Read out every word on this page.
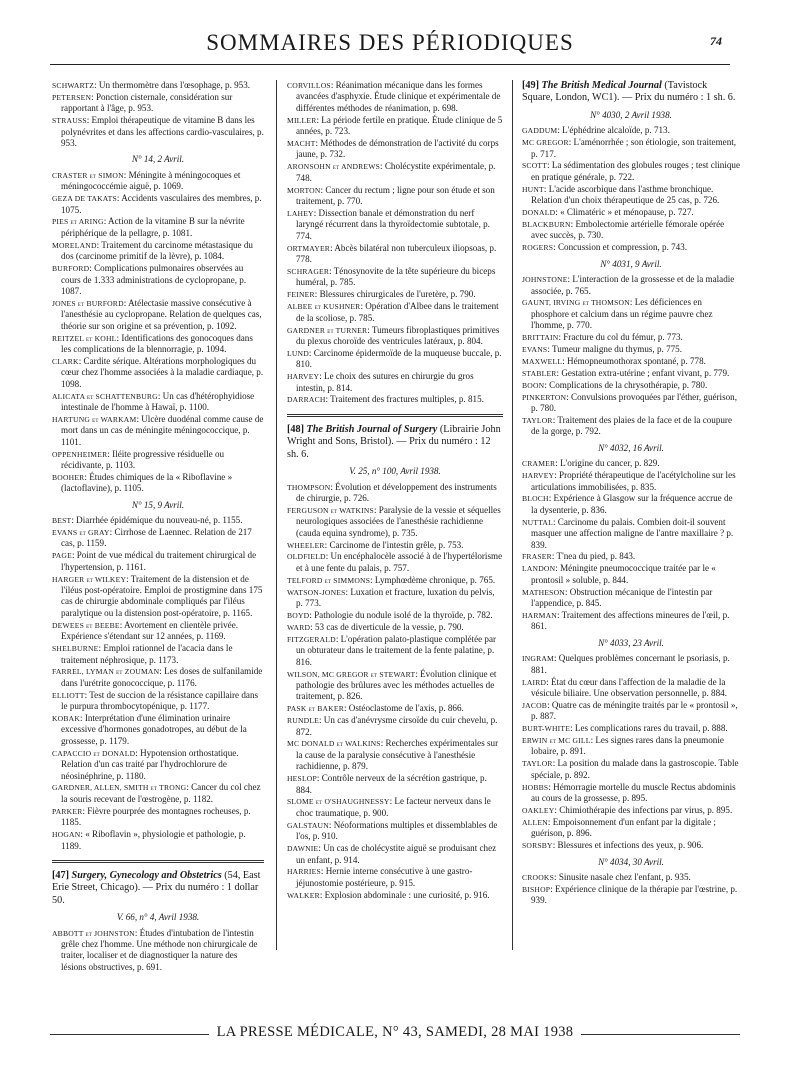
SOMMAIRES DES PÉRIODIQUES	74
SCHWARTZ: Un thermomètre dans l'œsophage, p. 953.
PETERSEN: Ponction cisternale, considération sur rapportant à l'âge, p. 953.
STRAUSS: Emploi thérapeutique de vitamine B dans les polynévrites et dans les affections cardio-vasculaires, p. 953.
N° 14, 2 Avril.
CRASTER et SIMON: Méningite à méningocoques et méningococcémie aiguë, p. 1069.
GEZA DE TAKATS: Accidents vasculaires des membres, p. 1075.
PIES et ARING: Action de la vitamine B sur la névrite périphérique de la pellagre, p. 1081.
MORELAND: Traitement du carcinome métastasique du dos (carcinome primitif de la lèvre), p. 1084.
BURFORD: Complications pulmonaires observées au cours de 1.333 administrations de cyclopropane, p. 1087.
JONES et BURFORD: Atélectasie massive consécutive à l'anesthésie au cyclopropane. Relation de quelques cas, théorie sur son origine et sa prévention, p. 1092.
REITZEL et KOHL: Identifications des gonocoques dans les complications de la blennorragie, p. 1094.
CLARK: Cardite sérique. Altérations morphologiques du cœur chez l'homme associées à la maladie cardiaque, p. 1098.
ALICATA et SCHATTENBURG: Un cas d'hétérophyidiose intestinale de l'homme à Hawaï, p. 1100.
HARTUNG et WARKAM: Ulcère duodénal comme cause de mort dans un cas de méningite méningococcique, p. 1101.
OPPENHEIMER: Iléite progressive résiduelle ou récidivante, p. 1103.
BOOHER: Études chimiques de la « Riboflavine » (lactoflavine), p. 1105.
N° 15, 9 Avril.
BEST: Diarrhée épidémique du nouveau-né, p. 1155.
EVANS et GRAY: Cirrhose de Laennec. Relation de 217 cas, p. 1159.
PAGE: Point de vue médical du traitement chirurgical de l'hypertension, p. 1161.
HARGER et WILKEY: Traitement de la distension et de l'iléus post-opératoire. Emploi de prostigmine dans 175 cas de chirurgie abdominale compliqués par l'iléus paralytique ou la distension post-opératoire, p. 1165.
DEWEES et BEEBE: Avortement en clientèle privée. Expérience s'étendant sur 12 années, p. 1169.
SHELBURNE: Emploi rationnel de l'acacia dans le traitement néphrosique, p. 1173.
FARREL, LYMAN et ZOUMAN: Les doses de sulfanilamide dans l'urétrite gonococcique, p. 1176.
ELLIOTT: Test de succion de la résistance capillaire dans le purpura thrombocytopénique, p. 1177.
KOBAK: Interprétation d'une élimination urinaire excessive d'hormones gonadotropes, au début de la grossesse, p. 1179.
CAPACCIO et DONALD: Hypotension orthostatique. Relation d'un cas traité par l'hydrochlorure de néosinéphrine, p. 1180.
GARDNER, ALLEN, SMITH et TRONG: Cancer du col chez la souris recevant de l'œstrogène, p. 1182.
PARKER: Fièvre pourprée des montagnes rocheuses, p. 1185.
HOGAN: « Riboflavin », physiologie et pathologie, p. 1189.
[47] Surgery, Gynecology and Obstetrics (54, East Erie Street, Chicago). — Prix du numéro : 1 dollar 50.
V. 66, n° 4, Avril 1938.
ABBOTT et JOHNSTON: Études d'intubation de l'intestin grêle chez l'homme. Une méthode non chirurgicale de traiter, localiser et de diagnostiquer la nature des lésions obstructives, p. 691.
CORVILLOS: Réanimation mécanique dans les formes avancées d'asphyxie. Étude clinique et expérimentale de différentes méthodes de réanimation, p. 698.
MILLER: La période fertile en pratique. Étude clinique de 5 années, p. 723.
MACHT: Méthodes de démonstration de l'activité du corps jaune, p. 732.
ARONSOHN et ANDREWS: Cholécystite expérimentale, p. 748.
MORTON: Cancer du rectum ; ligne pour son étude et son traitement, p. 770.
LAHEY: Dissection banale et démonstration du nerf laryngé récurrent dans la thyroïdectomie subtotale, p. 774.
ORTMAYER: Abcès bilatéral non tuberculeux iliopsoas, p. 778.
SCHRAGER: Ténosynovite de la tête supérieure du biceps huméral, p. 785.
FEINER: Blessures chirurgicales de l'uretère, p. 790.
ALBEE et KUSHNER: Opération d'Albee dans le traitement de la scoliose, p. 785.
GARDNER et TURNER: Tumeurs fibroplastiques primitives du plexus choroïde des ventricules latéraux, p. 804.
LUND: Carcinome épidermoïde de la muqueuse buccale, p. 810.
HARVEY: Le choix des sutures en chirurgie du gros intestin, p. 814.
DARRACH: Traitement des fractures multiples, p. 815.
[48] The British Journal of Surgery (Librairie John Wright and Sons, Bristol). — Prix du numéro : 12 sh. 6.
V. 25, n° 100, Avril 1938.
THOMPSON: Évolution et développement des instruments de chirurgie, p. 726.
FERGUSON et WATKINS: Paralysie de la vessie et séquelles neurologiques associées de l'anesthésie rachidienne (cauda equina syndrome), p. 735.
WHEELER: Carcinome de l'intestin grêle, p. 753.
OLDFIELD: Un encéphalocèle associé à de l'hypertélorisme et à une fente du palais, p. 757.
TELFORD et SIMMONS: Lymphœdème chronique, p. 765.
WATSON-JONES: Luxation et fracture, luxation du pelvis, p. 773.
BOYD: Pathologie du nodule isolé de la thyroïde, p. 782.
WARD: 53 cas de diverticule de la vessie, p. 790.
FITZGERALD: L'opération palato-plastique complétée par un obturateur dans le traitement de la fente palatine, p. 816.
WILSON, MC GREGOR et STEWART: Évolution clinique et pathologie des brûlures avec les méthodes actuelles de traitement, p. 826.
PASK et BAKER: Ostéoclastome de l'axis, p. 866.
RUNDLE: Un cas d'anévrysme cirsoïde du cuir chevelu, p. 872.
MC DONALD et WALKINS: Recherches expérimentales sur la cause de la paralysie consécutive à l'anesthésie rachidienne, p. 879.
HESLOP: Contrôle nerveux de la sécrétion gastrique, p. 884.
SLOME et O'SHAUGHNESSY: Le facteur nerveux dans le choc traumatique, p. 900.
GALSTAUN: Néoformations multiples et dissemblables de l'os, p. 910.
DAWNIE: Un cas de cholécystite aiguë se produisant chez un enfant, p. 914.
HARRIES: Hernie interne consécutive à une gastro-jéjunostomie postérieure, p. 915.
WALKER: Explosion abdominale : une curiosité, p. 916.
[49] The British Medical Journal (Tavistock Square, London, WC1). — Prix du numéro : 1 sh. 6.
N° 4030, 2 Avril 1938.
GADDUM: L'éphédrine alcaloïde, p. 713.
MC GREGOR: L'aménorrhée ; son étiologie, son traitement, p. 717.
SCOTT: La sédimentation des globules rouges ; test clinique en pratique générale, p. 722.
HUNT: L'acide ascorbique dans l'asthme bronchique. Relation d'un choix thérapeutique de 25 cas, p. 726.
DONALD: « Climatéric » et ménopause, p. 727.
BLACKBURN: Embolectomie artérielle fémorale opérée avec succès, p. 730.
ROGERS: Concussion et compression, p. 743.
N° 4031, 9 Avril.
JOHNSTONE: L'interaction de la grossesse et de la maladie associée, p. 765.
GAUNT, IRVING et THOMSON: Les déficiences en phosphore et calcium dans un régime pauvre chez l'homme, p. 770.
BRITTAIN: Fracture du col du fémur, p. 773.
EVANS: Tumeur maligne du thymus, p. 775.
MAXWELL: Hémopneumothorax spontané, p. 778.
STABLER: Gestation extra-utérine ; enfant vivant, p. 779.
BOON: Complications de la chrysothérapie, p. 780.
PINKERTON: Convulsions provoquées par l'éther, guérison, p. 780.
TAYLOR: Traitement des plaies de la face et de la coupure de la gorge, p. 792.
N° 4032, 16 Avril.
CRAMER: L'origine du cancer, p. 829.
HARVEY: Propriété thérapeutique de l'acétylcholine sur les articulations immobilisées, p. 835.
BLOCH: Expérience à Glasgow sur la fréquence accrue de la dysenterie, p. 836.
NUTTAL: Carcinome du palais. Combien doit-il souvent masquer une affection maligne de l'antre maxillaire ? p. 839.
FRASER: T'nea du pied, p. 843.
LANDON: Méningite pneumococcique traitée par le « prontosil » soluble, p. 844.
MATHESON: Obstruction mécanique de l'intestin par l'appendice, p. 845.
HARMAN: Traitement des affections mineures de l'œil, p. 861.
N° 4033, 23 Avril.
INGRAM: Quelques problèmes concernant le psoriasis, p. 881.
LAIRD: État du cœur dans l'affection de la maladie de la vésicule biliaire. Une observation personnelle, p. 884.
JACOB: Quatre cas de méningite traités par le « prontosil », p. 887.
BURT-WHITE: Les complications rares du travail, p. 888.
ERWIN et MC GILL: Les signes rares dans la pneumonie lobaire, p. 891.
TAYLOR: La position du malade dans la gastroscopie. Table spéciale, p. 892.
HOBBS: Hémorragie mortelle du muscle Rectus abdominis au cours de la grossesse, p. 895.
OAKLEY: Chimiothérapie des infections par virus, p. 895.
ALLEN: Empoisonnement d'un enfant par la digitale ; guérison, p. 896.
SORSBY: Blessures et infections des yeux, p. 906.
N° 4034, 30 Avril.
CROOKS: Sinusite nasale chez l'enfant, p. 935.
BISHOP: Expérience clinique de la thérapie par l'œstrine, p. 939.
LA PRESSE MÉDICALE, N° 43, SAMEDI, 28 MAI 1938
